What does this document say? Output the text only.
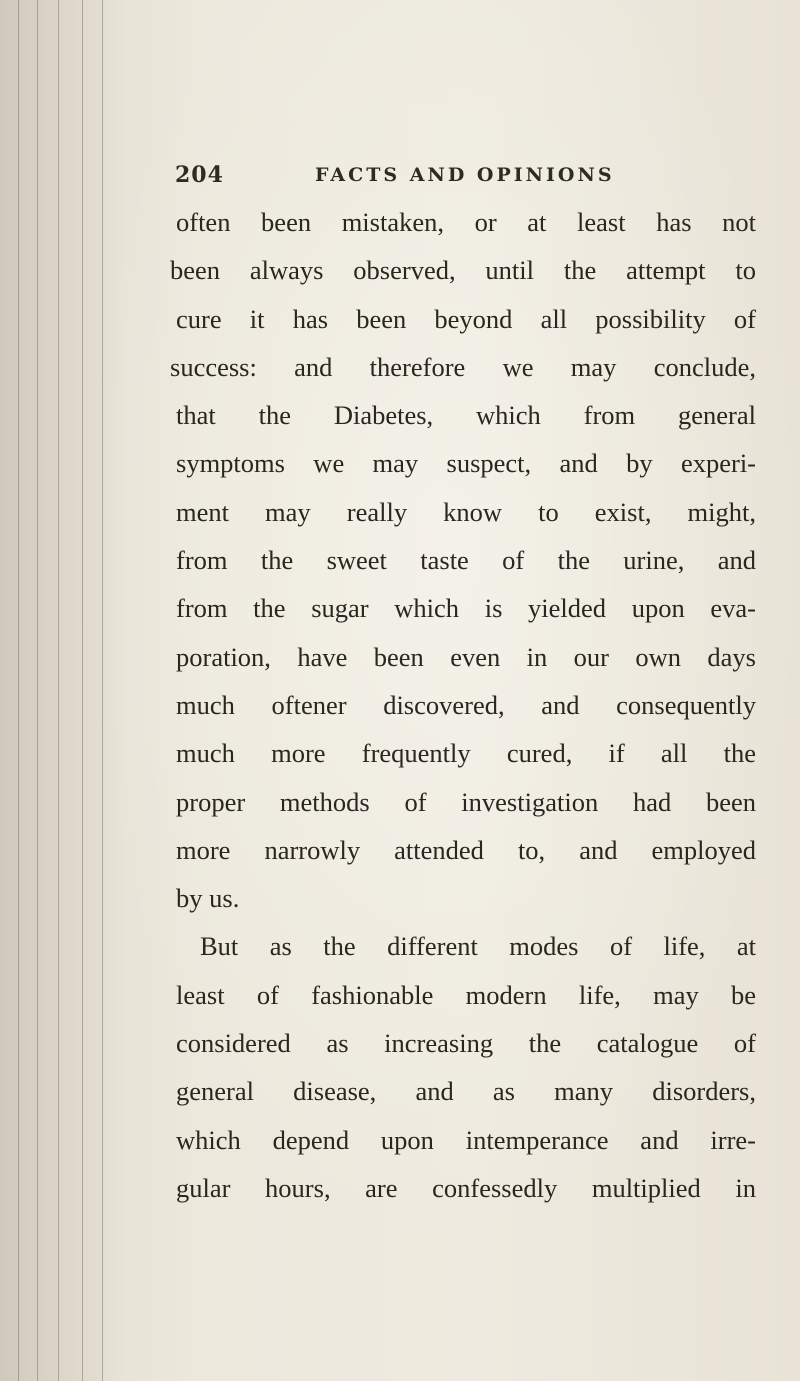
204	FACTS AND OPINIONS
often been mistaken, or at least has not
been always observed, until the attempt to
cure it has been beyond all possibility of
success: and therefore we may conclude,
that the Diabetes, which from general
symptoms we may suspect, and by experi-
ment may really know to exist, might,
from the sweet taste of the urine, and
from the sugar which is yielded upon eva-
poration, have been even in our own days
much oftener discovered, and consequently
much more frequently cured, if all the
proper methods of investigation had been
more narrowly attended to, and employed
by us.
But as the different modes of life, at
least of fashionable modern life, may be
considered as increasing the catalogue of
general disease, and as many disorders,
which depend upon intemperance and irre-
gular hours, are confessedly multiplied in
